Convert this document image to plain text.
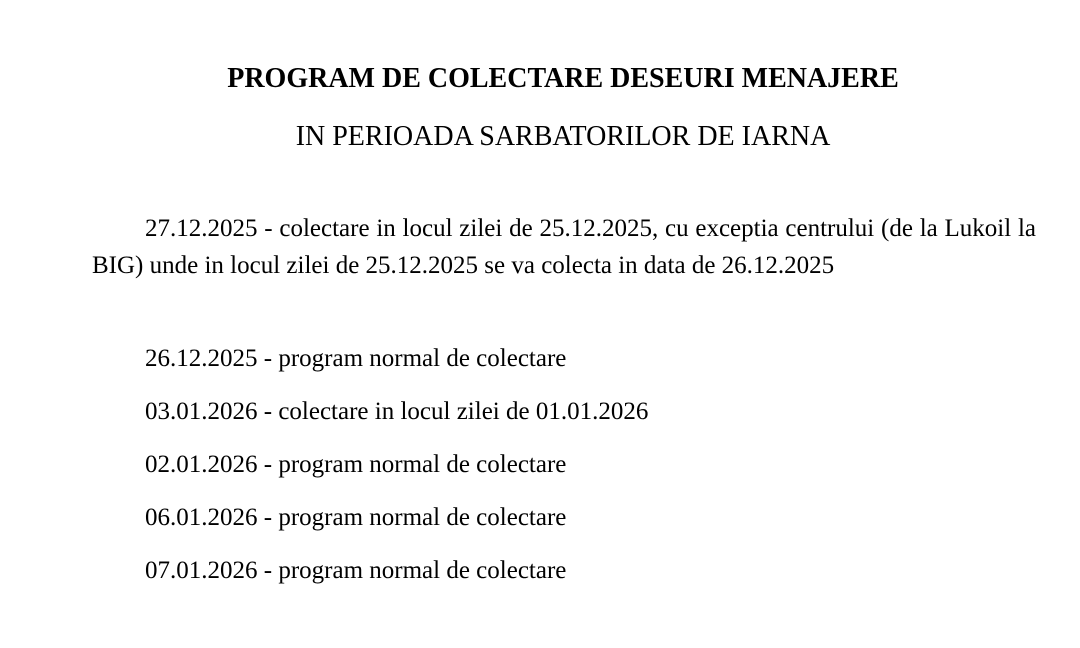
PROGRAM DE COLECTARE DESEURI MENAJERE
IN PERIOADA SARBATORILOR DE IARNA

27.12.2025 - colectare in locul zilei de 25.12.2025, cu exceptia centrului (de la Lukoil la BIG) unde in locul zilei de 25.12.2025 se va colecta in data de 26.12.2025

26.12.2025 - program normal de colectare
03.01.2026 - colectare in locul zilei de 01.01.2026
02.01.2026 - program normal de colectare
06.01.2026 - program normal de colectare
07.01.2026 - program normal de colectare
